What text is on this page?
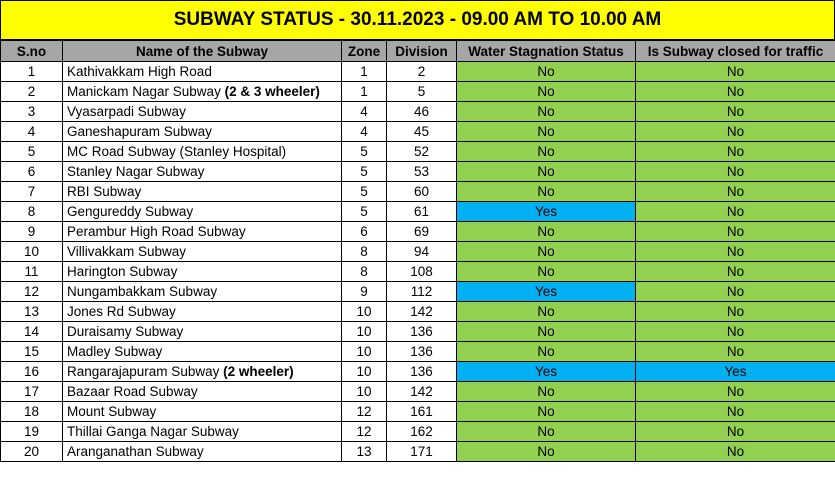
SUBWAY STATUS - 30.11.2023 - 09.00 AM TO 10.00 AM
S.no	Name of the Subway	Zone	Division	Water Stagnation Status	Is Subway closed for traffic
1	Kathivakkam High Road	1	2	No	No
2	Manickam Nagar Subway (2 & 3 wheeler)	1	5	No	No
3	Vyasarpadi Subway	4	46	No	No
4	Ganeshapuram Subway	4	45	No	No
5	MC Road Subway (Stanley Hospital)	5	52	No	No
6	Stanley Nagar Subway	5	53	No	No
7	RBI Subway	5	60	No	No
8	Gengureddy Subway	5	61	Yes	No
9	Perambur High Road Subway	6	69	No	No
10	Villivakkam Subway	8	94	No	No
11	Harington Subway	8	108	No	No
12	Nungambakkam Subway	9	112	Yes	No
13	Jones Rd Subway	10	142	No	No
14	Duraisamy Subway	10	136	No	No
15	Madley Subway	10	136	No	No
16	Rangarajapuram Subway (2 wheeler)	10	136	Yes	Yes
17	Bazaar Road Subway	10	142	No	No
18	Mount Subway	12	161	No	No
19	Thillai Ganga Nagar Subway	12	162	No	No
20	Aranganathan Subway	13	171	No	No
